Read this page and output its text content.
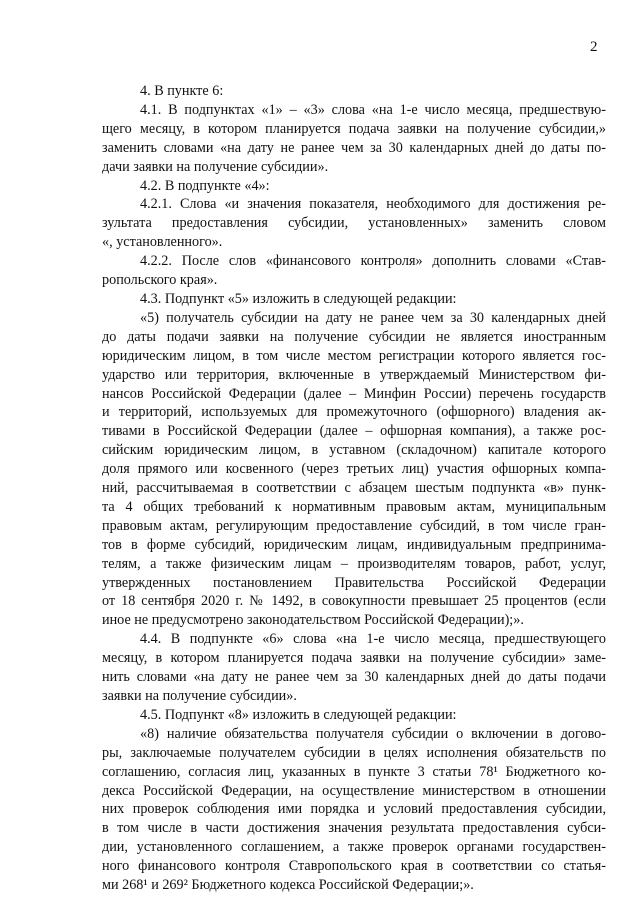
2

4. В пункте 6:

4.1. В подпунктах «1» – «3» слова «на 1-е число месяца, предшествую-
щего месяцу, в котором планируется подача заявки на получение субсидии,»
заменить словами «на дату не ранее чем за 30 календарных дней до даты по-
дачи заявки на получение субсидии».

4.2. В подпункте «4»:

4.2.1. Слова «и значения показателя, необходимого для достижения ре-
зультата предоставления субсидии, установленных» заменить словом
«, установленного».

4.2.2. После слов «финансового контроля» дополнить словами «Став-
ропольского края».

4.3. Подпункт «5» изложить в следующей редакции:

«5) получатель субсидии на дату не ранее чем за 30 календарных дней
до даты подачи заявки на получение субсидии не является иностранным
юридическим лицом, в том числе местом регистрации которого является гос-
ударство или территория, включенные в утверждаемый Министерством фи-
нансов Российской Федерации (далее – Минфин России) перечень государств
и территорий, используемых для промежуточного (офшорного) владения ак-
тивами в Российской Федерации (далее – офшорная компания), а также рос-
сийским юридическим лицом, в уставном (складочном) капитале которого
доля прямого или косвенного (через третьих лиц) участия офшорных компа-
ний, рассчитываемая в соответствии с абзацем шестым подпункта «в» пунк-
та 4 общих требований к нормативным правовым актам, муниципальным
правовым актам, регулирующим предоставление субсидий, в том числе гран-
тов в форме субсидий, юридическим лицам, индивидуальным предпринима-
телям, а также физическим лицам – производителям товаров, работ, услуг,
утвержденных постановлением Правительства Российской Федерации
от 18 сентября 2020 г. № 1492, в совокупности превышает 25 процентов (если
иное не предусмотрено законодательством Российской Федерации);».

4.4. В подпункте «6» слова «на 1-е число месяца, предшествующего
месяцу, в котором планируется подача заявки на получение субсидии» заме-
нить словами «на дату не ранее чем за 30 календарных дней до даты подачи
заявки на получение субсидии».

4.5. Подпункт «8» изложить в следующей редакции:

«8) наличие обязательства получателя субсидии о включении в догово-
ры, заключаемые получателем субсидии в целях исполнения обязательств по
соглашению, согласия лиц, указанных в пункте 3 статьи 78¹ Бюджетного ко-
декса Российской Федерации, на осуществление министерством в отношении
них проверок соблюдения ими порядка и условий предоставления субсидии,
в том числе в части достижения значения результата предоставления субси-
дии, установленного соглашением, а также проверок органами государствен-
ного финансового контроля Ставропольского края в соответствии со статья-
ми 268¹ и 269² Бюджетного кодекса Российской Федерации;».
